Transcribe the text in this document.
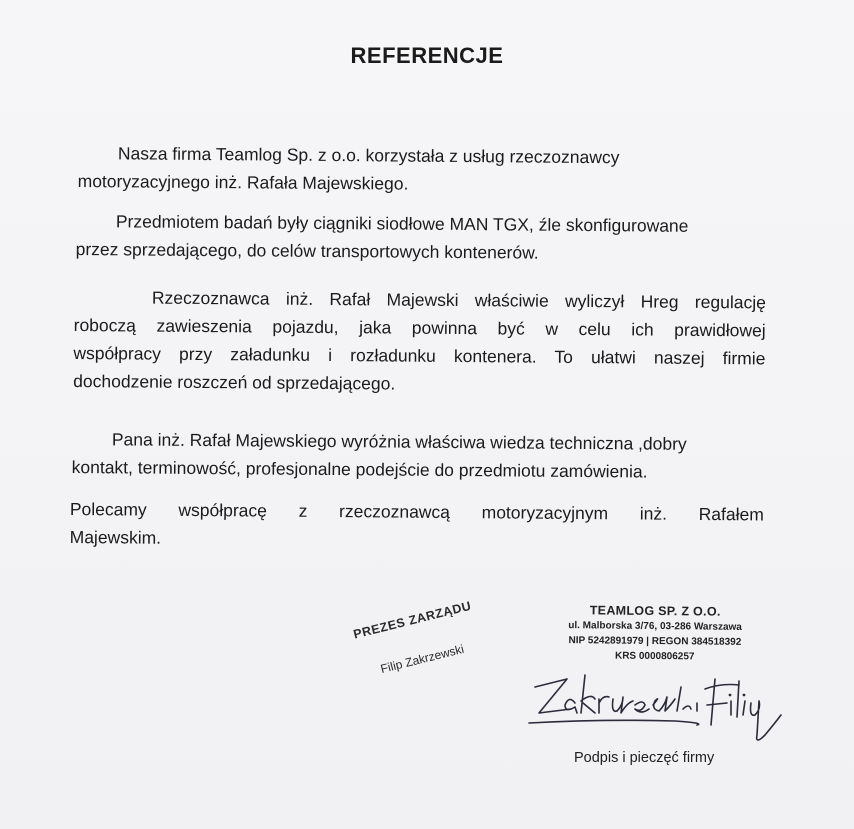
REFERENCJE
Nasza firma Teamlog Sp. z o.o. korzystała z usług rzeczoznawcy
motoryzacyjnego inż. Rafała Majewskiego.
Przedmiotem badań były ciągniki siodłowe MAN TGX, źle skonfigurowane
przez sprzedającego, do celów transportowych kontenerów.
Rzeczoznawca inż. Rafał Majewski właściwie wyliczył Hreg regulację
roboczą zawieszenia pojazdu, jaka powinna być w celu ich prawidłowej
współpracy przy załadunku i rozładunku kontenera. To ułatwi naszej firmie
dochodzenie roszczeń od sprzedającego.
Pana inż. Rafał Majewskiego wyróżnia właściwa wiedza techniczna ,dobry
kontakt, terminowość, profesjonalne podejście do przedmiotu zamówienia.
Polecamy współpracę z rzeczoznawcą motoryzacyjnym inż. Rafałem
Majewskim.
PREZES ZARZĄDU
Filip Zakrzewski
TEAMLOG SP. Z O.O.
ul. Malborska 3/76, 03-286 Warszawa
NIP 5242891979 | REGON 384518392
KRS 0000806257
Podpis i pieczęć firmy
